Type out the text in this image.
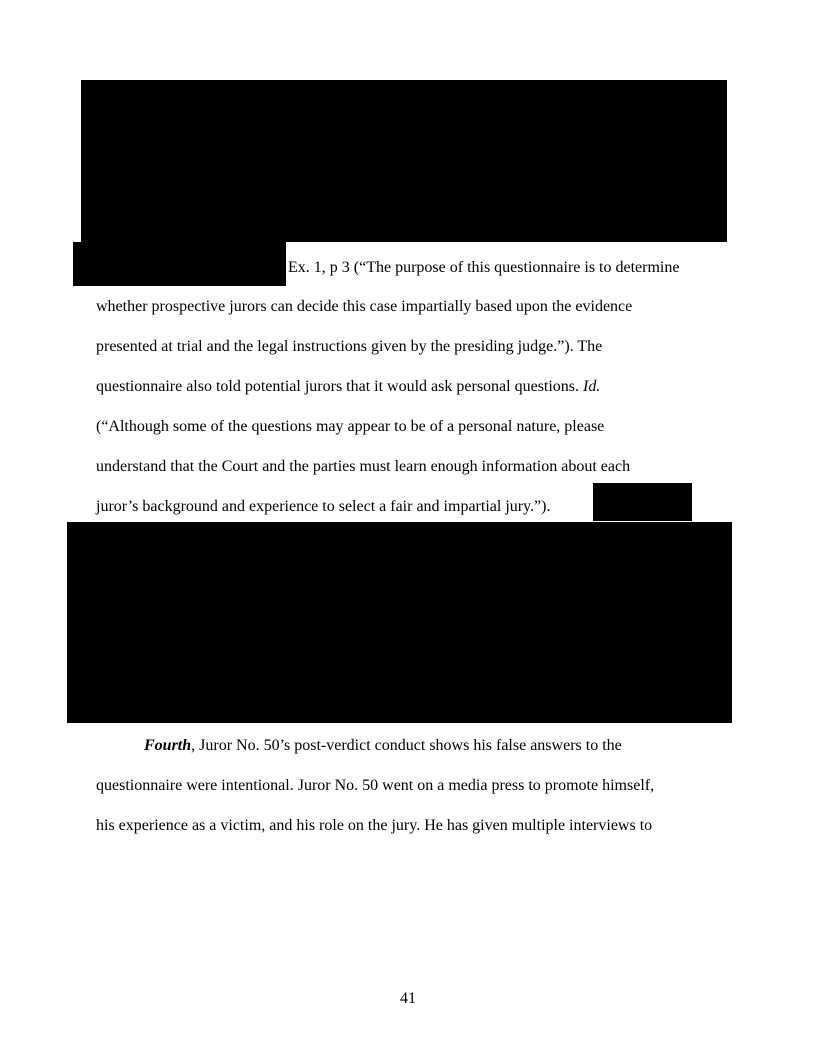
Ex. 1, p 3 (“The purpose of this questionnaire is to determine
whether prospective jurors can decide this case impartially based upon the evidence
presented at trial and the legal instructions given by the presiding judge.”). The
questionnaire also told potential jurors that it would ask personal questions. Id.
(“Although some of the questions may appear to be of a personal nature, please
understand that the Court and the parties must learn enough information about each
juror’s background and experience to select a fair and impartial jury.”).
Fourth, Juror No. 50’s post-verdict conduct shows his false answers to the
questionnaire were intentional. Juror No. 50 went on a media press to promote himself,
his experience as a victim, and his role on the jury. He has given multiple interviews to
41
